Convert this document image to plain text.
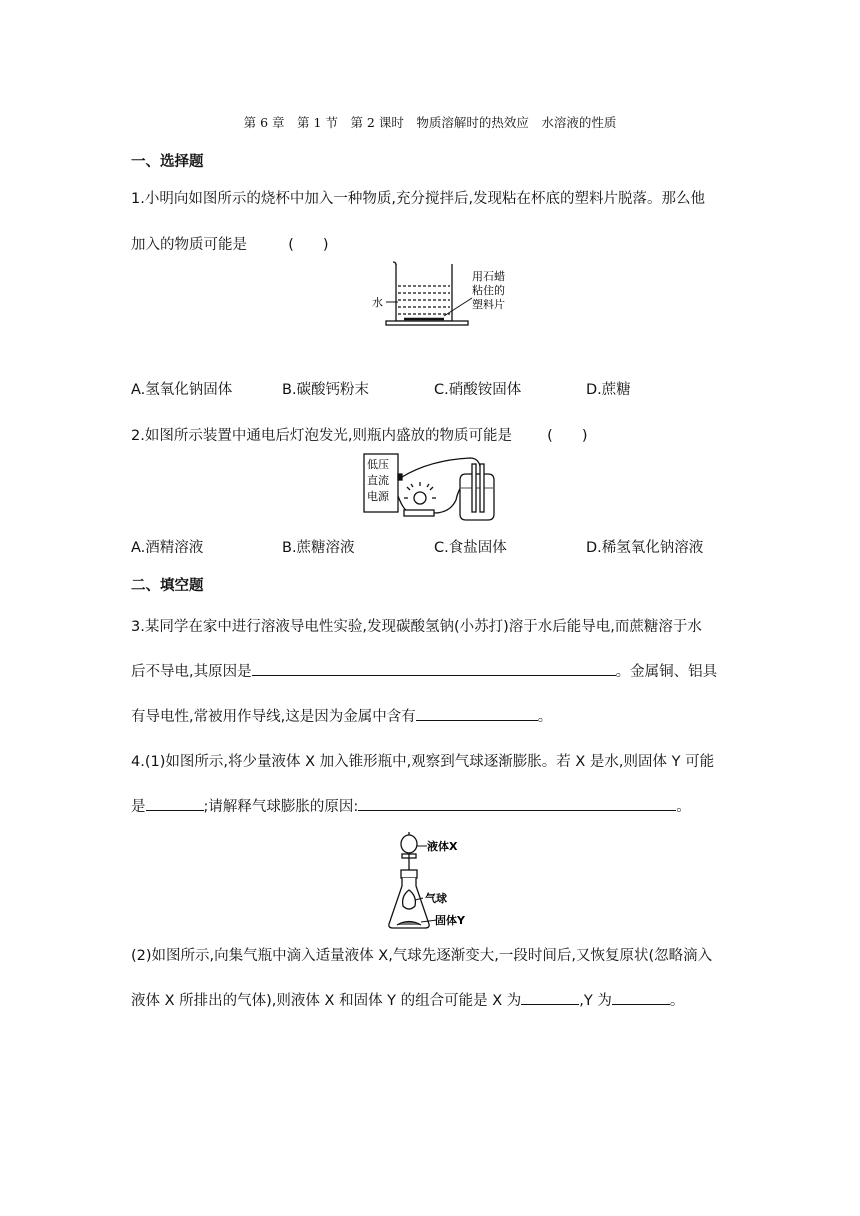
第 6 章　第 1 节　第 2 课时　物质溶解时的热效应　水溶液的性质
一、选择题
1.小明向如图所示的烧杯中加入一种物质,充分搅拌后,发现粘在杯底的塑料片脱落。那么他
加入的物质可能是	(　　)
水
用石蜡
粘住的
塑料片
A.氢氧化钠固体	B.碳酸钙粉末	C.硝酸铵固体	D.蔗糖
2.如图所示装置中通电后灯泡发光,则瓶内盛放的物质可能是 (　　)
低压
直流
电源
A.酒精溶液	B.蔗糖溶液	C.食盐固体	D.稀氢氧化钠溶液
二、填空题
3.某同学在家中进行溶液导电性实验,发现碳酸氢钠(小苏打)溶于水后能导电,而蔗糖溶于水
后不导电,其原因是	。金属铜、铝具
有导电性,常被用作导线,这是因为金属中含有	。
4.(1)如图所示,将少量液体 X 加入锥形瓶中,观察到气球逐渐膨胀。若 X 是水,则固体 Y 可能
是	;请解释气球膨胀的原因:	。
液体X
气球
固体Y
(2)如图所示,向集气瓶中滴入适量液体 X,气球先逐渐变大,一段时间后,又恢复原状(忽略滴入
液体 X 所排出的气体),则液体 X 和固体 Y 的组合可能是 X 为	,Y 为	。
